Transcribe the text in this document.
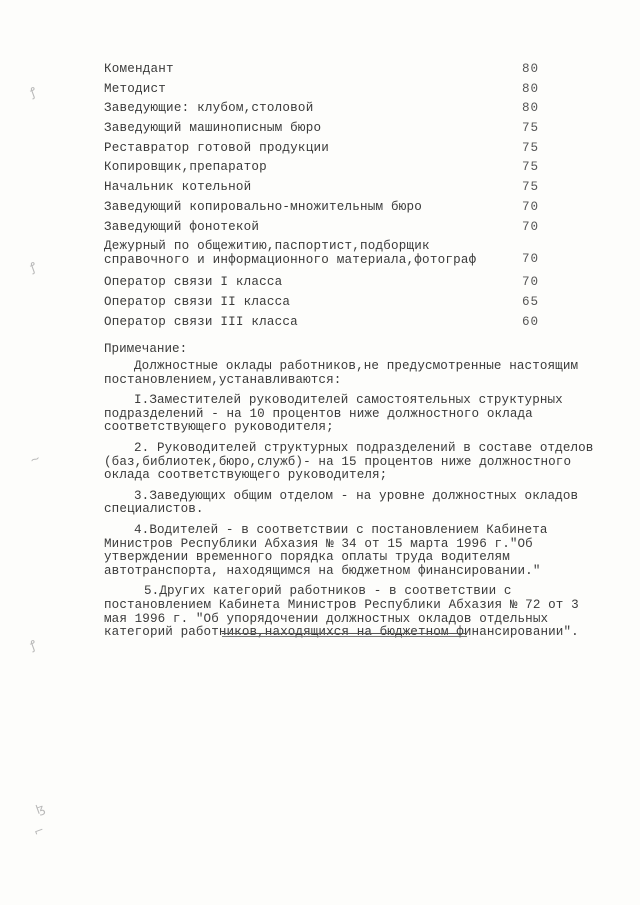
ꝭ
ꝭ
~
ꝭ
ɮ
⌐
Комендант	80
Методист	80
Заведующие: клубом,столовой	80
Заведующий машинописным бюро	75
Реставратор готовой продукции	75
Копировщик,препаратор	75
Начальник котельной	75
Заведующий копировально-множительным бюро	70
Заведующий фонотекой	70
Дежурный по общежитию,паспортист,подборщик справочного и информационного материала,фотограф	70
Оператор связи I класса	70
Оператор связи II класса	65
Оператор связи III класса	60
Примечание:

Должностные оклады работников,не предусмотренные настоящим постановлением,устанавливаются:

I.Заместителей руководителей самостоятельных структурных подразделений - на 10 процентов ниже должностного оклада соответствующего руководителя;

2. Руководителей структурных подразделений в составе отделов (баз,библиотек,бюро,служб)- на 15 процентов ниже должностного оклада соответствующего руководителя;

3.Заведующих общим отделом - на уровне должностных окладов специалистов.

4.Водителей - в соответствии с постановлением Кабинета Министров Республики Абхазия № 34 от 15 марта 1996 г."Об утверждении временного порядка оплаты труда водителям автотранспорта, находящимся на бюджетном финансировании."

5.Других категорий работников - в соответствии с постановлением Кабинета Министров Республики Абхазия № 72 от 3 мая 1996 г. "Об упорядочении должностных окладов отдельных категорий работников,находящихся на бюджетном финансировании".
